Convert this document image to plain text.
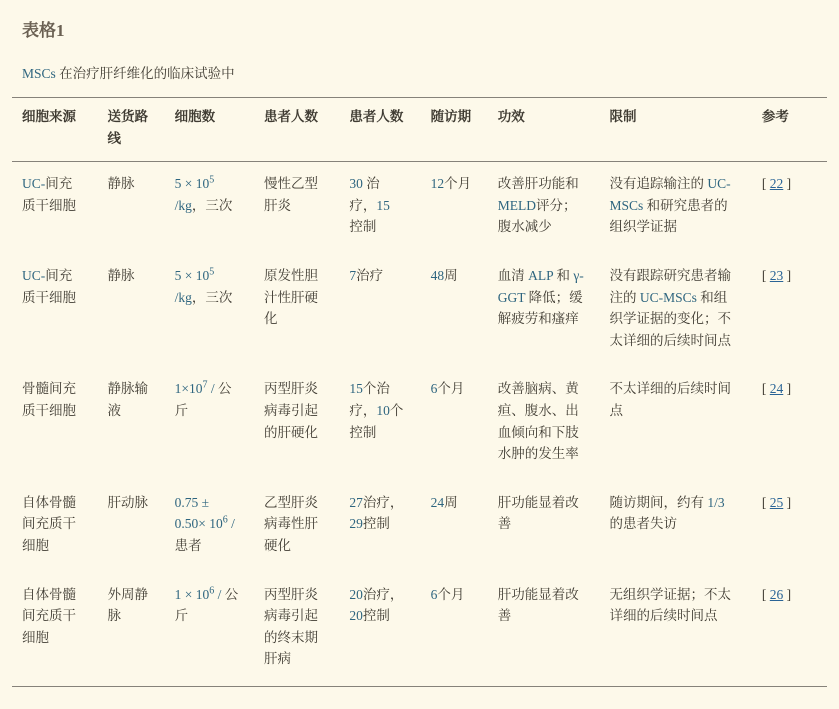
表格1
MSCs 在治疗肝纤维化的临床试验中
细胞来源	送货路线	细胞数	患者人数	患者人数	随访期	功效	限制	参考
UC-间充质干细胞	静脉	$5 \times 10^5$ /kg，三次	慢性乙型肝炎	30 治疗，15 控制	12个月	改善肝功能和 MELD评分；腹水减少	没有追踪输注的 UC-MSCs 和研究患者的组织学证据	[ 22 ]
UC-间充质干细胞	静脉	$5 \times 10^5$ /kg，三次	原发性胆汁性肝硬化	7治疗	48周	血清 ALP 和 γ-GGT 降低；缓解疲劳和瘙痒	没有跟踪研究患者输注的 UC-MSCs 和组织学证据的变化；不太详细的后续时间点	[ 23 ]
骨髓间充质干细胞	静脉输液	$1\times 10^7$ / 公斤	丙型肝炎病毒引起的肝硬化	15个治疗，10个控制	6个月	改善脑病、黄疸、腹水、出血倾向和下肢水肿的发生率	不太详细的后续时间点	[ 24 ]
自体骨髓间充质干细胞	肝动脉	$0.75 \pm 0.50\times 10^6$ /患者	乙型肝炎病毒性肝硬化	27治疗，29控制	24周	肝功能显着改善	随访期间，约有 1/3 的患者失访	[ 25 ]
自体骨髓间充质干细胞	外周静脉	$1 \times 10^6$ / 公斤	丙型肝炎病毒引起的终末期肝病	20治疗，20控制	6个月	肝功能显着改善	无组织学证据；不太详细的后续时间点	[ 26 ]
